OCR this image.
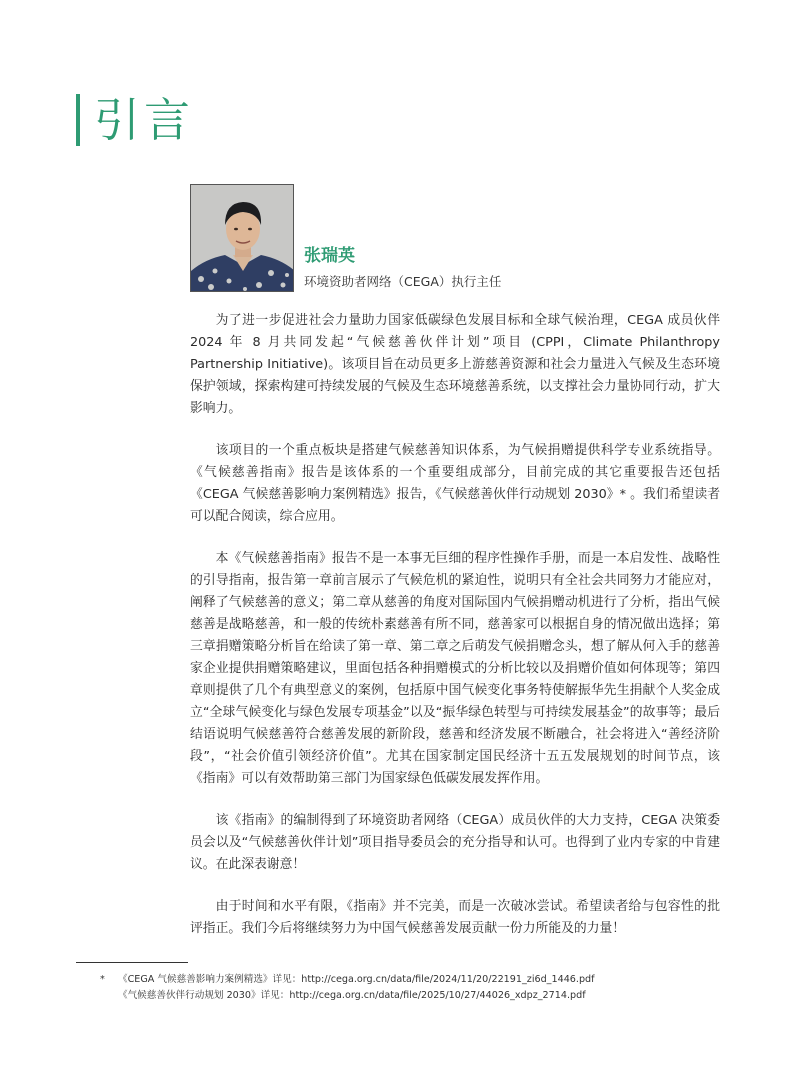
引言
张瑞英
环境资助者网络（CEGA）执行主任

为了进一步促进社会力量助力国家低碳绿色发展目标和全球气候治理，CEGA 成员伙伴 2024 年 8 月共同发起“气候慈善伙伴计划”项目 (CPPI，Climate Philanthropy Partnership Initiative)。该项目旨在动员更多上游慈善资源和社会力量进入气候及生态环境保护领域，探索构建可持续发展的气候及生态环境慈善系统，以支撑社会力量协同行动，扩大影响力。

该项目的一个重点板块是搭建气候慈善知识体系，为气候捐赠提供科学专业系统指导。《气候慈善指南》报告是该体系的一个重要组成部分，目前完成的其它重要报告还包括《CEGA 气候慈善影响力案例精选》报告，《气候慈善伙伴行动规划 2030》* 。我们希望读者可以配合阅读，综合应用。

本《气候慈善指南》报告不是一本事无巨细的程序性操作手册，而是一本启发性、战略性的引导指南，报告第一章前言展示了气候危机的紧迫性，说明只有全社会共同努力才能应对，阐释了气候慈善的意义；第二章从慈善的角度对国际国内气候捐赠动机进行了分析，指出气候慈善是战略慈善，和一般的传统朴素慈善有所不同，慈善家可以根据自身的情况做出选择；第三章捐赠策略分析旨在给读了第一章、第二章之后萌发气候捐赠念头，想了解从何入手的慈善家企业提供捐赠策略建议，里面包括各种捐赠模式的分析比较以及捐赠价值如何体现等；第四章则提供了几个有典型意义的案例，包括原中国气候变化事务特使解振华先生捐献个人奖金成立“全球气候变化与绿色发展专项基金”以及“振华绿色转型与可持续发展基金”的故事等；最后结语说明气候慈善符合慈善发展的新阶段，慈善和经济发展不断融合，社会将进入“善经济阶段”，“社会价值引领经济价值”。尤其在国家制定国民经济十五五发展规划的时间节点，该《指南》可以有效帮助第三部门为国家绿色低碳发展发挥作用。

该《指南》的编制得到了环境资助者网络（CEGA）成员伙伴的大力支持，CEGA 决策委员会以及“气候慈善伙伴计划”项目指导委员会的充分指导和认可。也得到了业内专家的中肯建议。在此深表谢意！

由于时间和水平有限，《指南》并不完美，而是一次破冰尝试。希望读者给与包容性的批评指正。我们今后将继续努力为中国气候慈善发展贡献一份力所能及的力量！

* 《CEGA 气候慈善影响力案例精选》详见：http://cega.org.cn/data/file/2024/11/20/22191_zi6d_1446.pdf
《气候慈善伙伴行动规划 2030》详见：http://cega.org.cn/data/file/2025/10/27/44026_xdpz_2714.pdf
